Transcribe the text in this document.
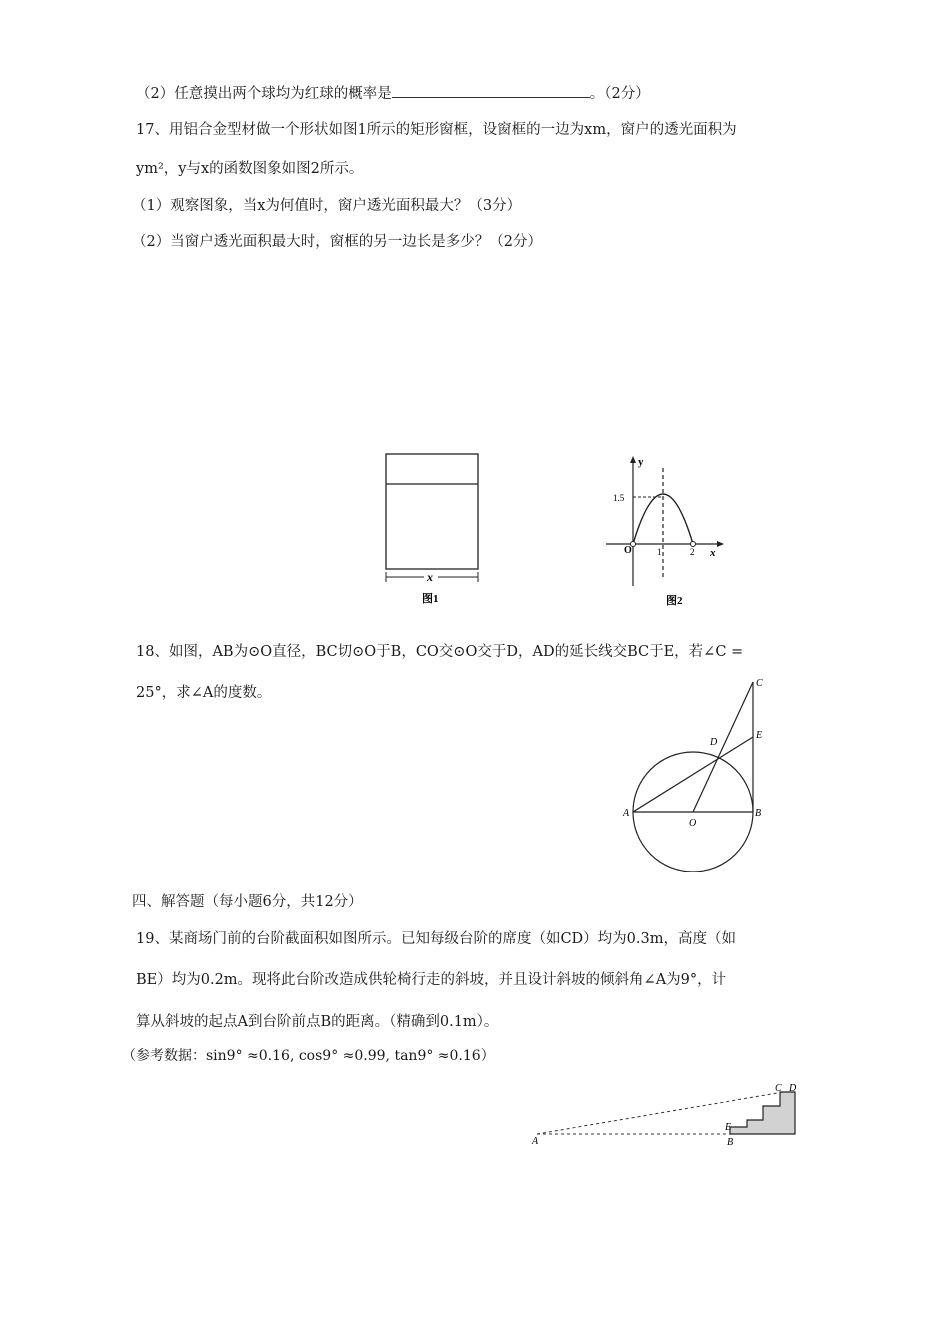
（2）任意摸出两个球均为红球的概率是	。（2分）
17、用铝合金型材做一个形状如图1所示的矩形窗框，设窗框的一边为xm，窗户的透光面积为
ym²，y与x的函数图象如图2所示。
（1）观察图象，当x为何值时，窗户透光面积最大？（3分）
（2）当窗户透光面积最大时，窗框的另一边长是多少？（2分）
x
图1
y
x
O
1.5
1	2
图2
18、如图，AB为⊙O直径，BC切⊙O于B，CO交⊙O交于D，AD的延长线交BC于E，若∠C =
25°，求∠A的度数。
A	B
C
D
E
O
四、解答题（每小题6分，共12分）
19、某商场门前的台阶截面积如图所示。已知每级台阶的席度（如CD）均为0.3m，高度（如
BE）均为0.2m。现将此台阶改造成供轮椅行走的斜坡，并且设计斜坡的倾斜角∠A为9°，计
算从斜坡的起点A到台阶前点B的距离。（精确到0.1m）。
（参考数据：sin9° ≈0.16, cos9° ≈0.99, tan9° ≈0.16）
A	B
C D
E
